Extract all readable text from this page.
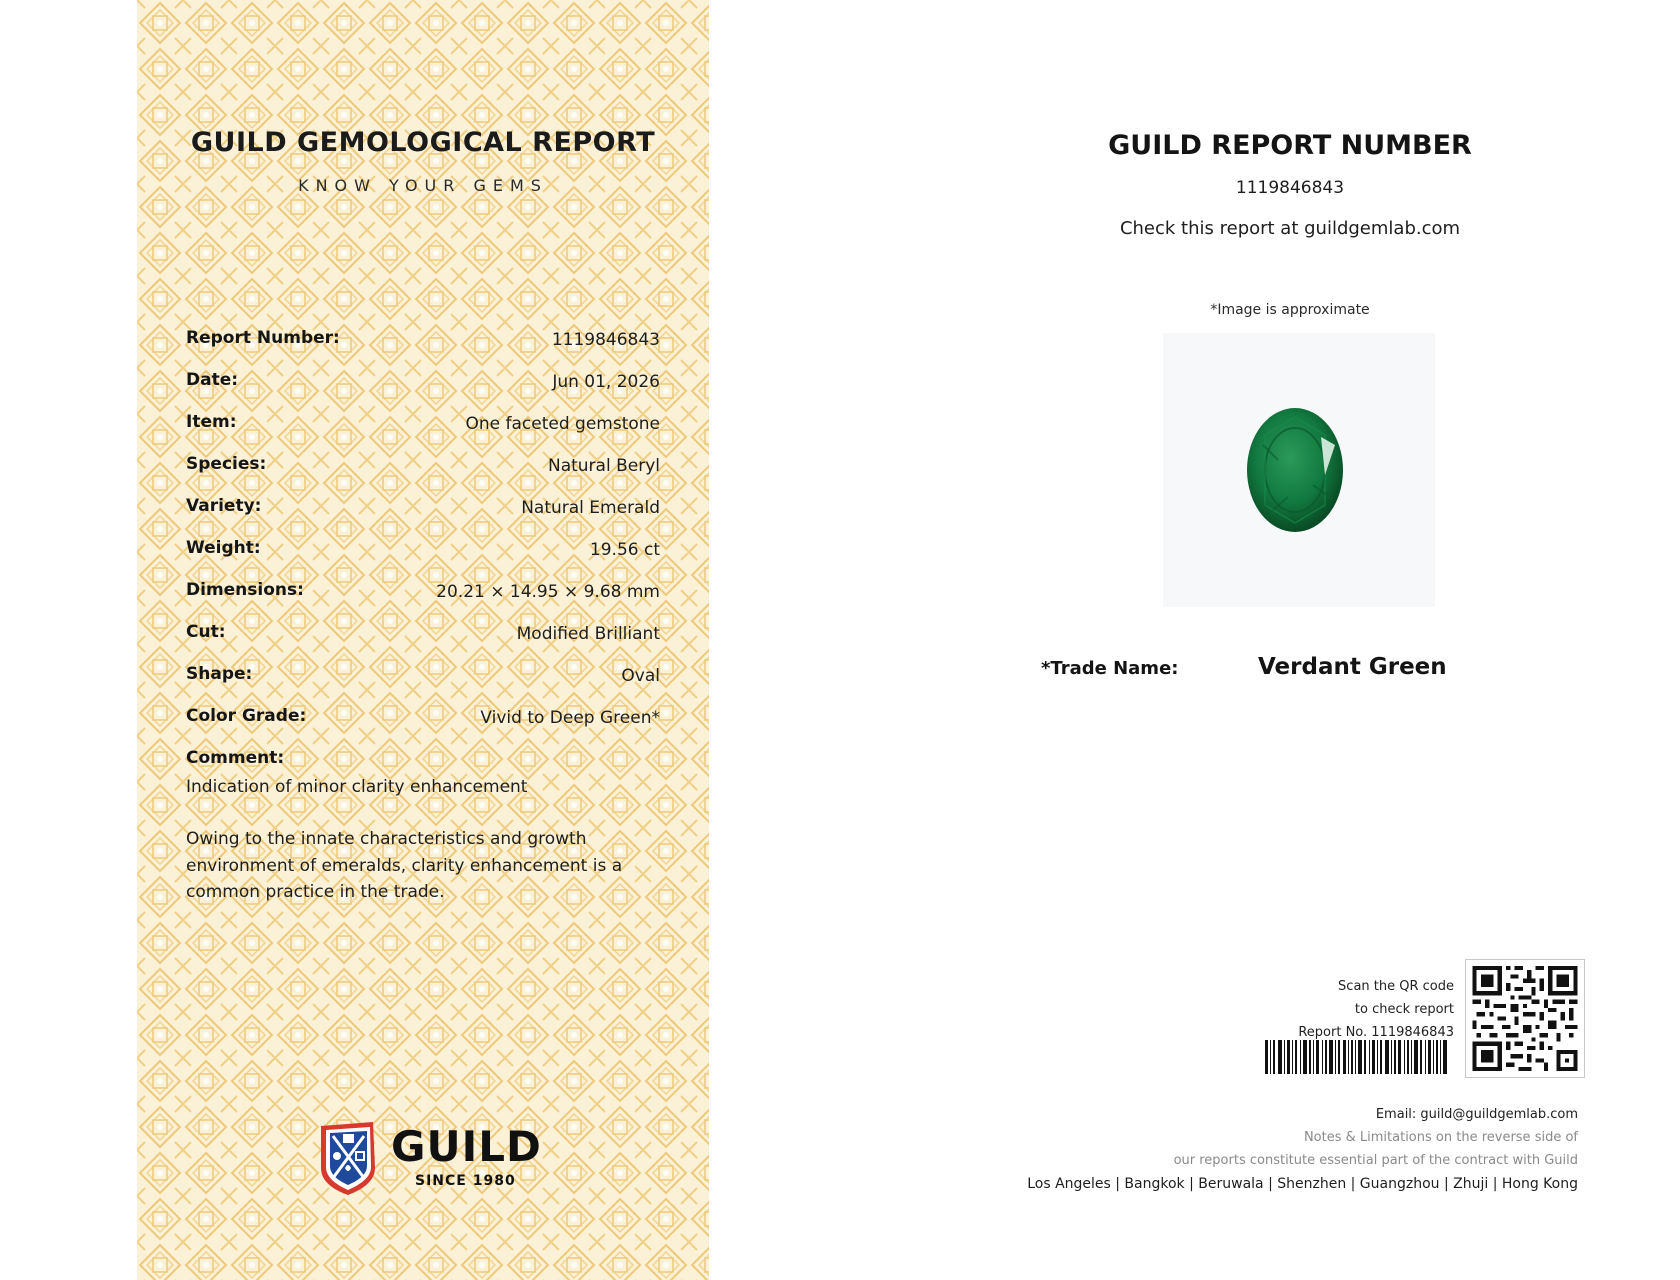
GUILD GEMOLOGICAL REPORT
KNOW YOUR GEMS
Report Number:	1119846843
Date:	Jun 01, 2026
Item:	One faceted gemstone
Species:	Natural Beryl
Variety:	Natural Emerald
Weight:	19.56 ct
Dimensions:	20.21 × 14.95 × 9.68 mm
Cut:	Modified Brilliant
Shape:	Oval
Color Grade:	Vivid to Deep Green*
Comment:
Indication of minor clarity enhancement
Owing to the innate characteristics and growth environment of emeralds, clarity enhancement is a common practice in the trade.
GUILD
SINCE 1980
GUILD REPORT NUMBER
1119846843
Check this report at guildgemlab.com
*Image is approximate
*Trade Name:	Verdant Green
Scan the QR code
to check report
Report No. 1119846843
Email: guild@guildgemlab.com
Notes & Limitations on the reverse side of
our reports constitute essential part of the contract with Guild
Los Angeles | Bangkok | Beruwala | Shenzhen | Guangzhou | Zhuji | Hong Kong
